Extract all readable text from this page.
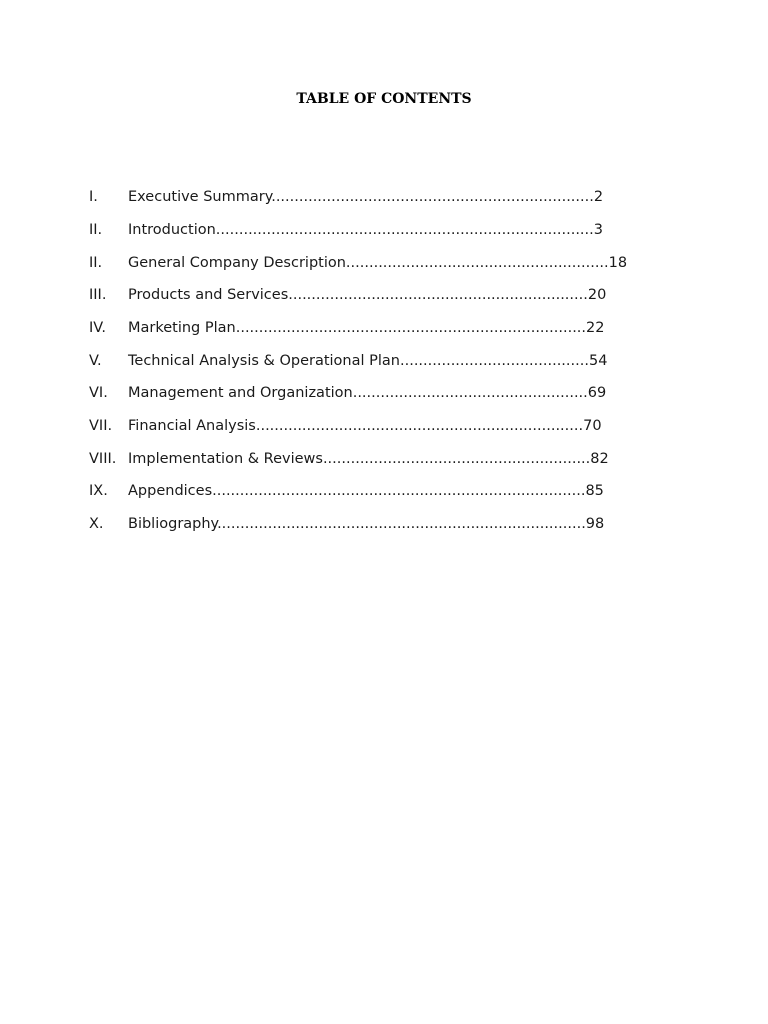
TABLE OF CONTENTS
I. Executive Summary......................................................................2
II. Introduction..................................................................................3
II. General Company Description.........................................................18
III. Products and Services.................................................................20
IV. Marketing Plan............................................................................22
V. Technical Analysis & Operational Plan.........................................54
VI. Management and Organization...................................................69
VII. Financial Analysis.......................................................................70
VIII. Implementation & Reviews..........................................................82
IX. Appendices.................................................................................85
X. Bibliography................................................................................98
